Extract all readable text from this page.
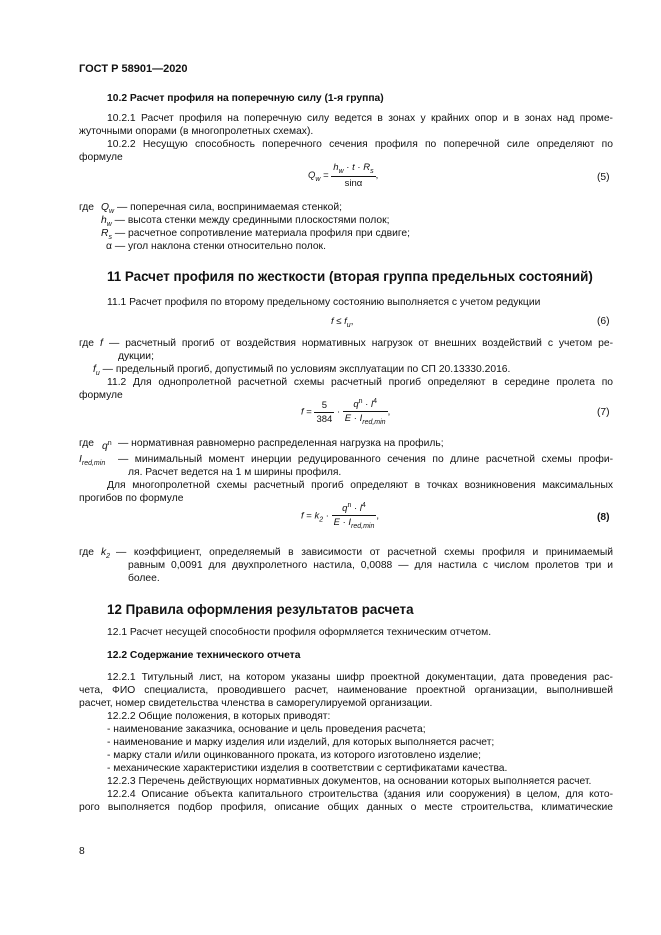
ГОСТ Р 58901—2020
10.2 Расчет профиля на поперечную силу (1-я группа)
10.2.1 Расчет профиля на поперечную силу ведется в зонах у крайних опор и в зонах над проме-
жуточными опорами (в многопролетных схемах).
10.2.2 Несущую способность поперечного сечения профиля по поперечной силе определяют по
формуле
$Q_w = \frac{h_w \cdot t \cdot R_s}{\sin\alpha}$ ,	(5)
где $Q_w$ — поперечная сила, воспринимаемая стенкой;
$h_w$ — высота стенки между срединными плоскостями полок;
$R_s$ — расчетное сопротивление материала профиля при сдвиге;
α — угол наклона стенки относительно полок.
11 Расчет профиля по жесткости (вторая группа предельных состояний)
11.1 Расчет профиля по второму предельному состоянию выполняется с учетом редукции
$f \le f_u$,	(6)
где f — расчетный прогиб от воздействия нормативных нагрузок от внешних воздействий с учетом ре-
дукции;
$f_u$ — предельный прогиб, допустимый по условиям эксплуатации по СП 20.13330.2016.
11.2 Для однопролетной расчетной схемы расчетный прогиб определяют в середине пролета по
формуле
$f = \frac{5}{384} \cdot \frac{q^n \cdot l^4}{E \cdot I_{red,min}}$ ,	(7)
где $q^n$ — нормативная равномерно распределенная нагрузка на профиль;
$I_{red,min}$ — минимальный момент инерции редуцированного сечения по длине расчетной схемы профи-
ля. Расчет ведется на 1 м ширины профиля.
Для многопролетной схемы расчетный прогиб определяют в точках возникновения максимальных
прогибов по формуле
$f = k_2 \cdot \frac{q^n \cdot l^4}{E \cdot I_{red,min}}$ ,	(8)
где $k_2$ — коэффициент, определяемый в зависимости от расчетной схемы профиля и принимаемый
равным 0,0091 для двухпролетного настила, 0,0088 — для настила с числом пролетов три и
более.
12 Правила оформления результатов расчета
12.1 Расчет несущей способности профиля оформляется техническим отчетом.
12.2 Содержание технического отчета
12.2.1 Титульный лист, на котором указаны шифр проектной документации, дата проведения рас-
чета, ФИО специалиста, проводившего расчет, наименование проектной организации, выполнившей
расчет, номер свидетельства членства в саморегулируемой организации.
12.2.2 Общие положения, в которых приводят:
- наименование заказчика, основание и цель проведения расчета;
- наименование и марку изделия или изделий, для которых выполняется расчет;
- марку стали и/или оцинкованного проката, из которого изготовлено изделие;
- механические характеристики изделия в соответствии с сертификатами качества.
12.2.3 Перечень действующих нормативных документов, на основании которых выполняется расчет.
12.2.4 Описание объекта капитального строительства (здания или сооружения) в целом, для кото-
рого выполняется подбор профиля, описание общих данных о месте строительства, климатические
8
